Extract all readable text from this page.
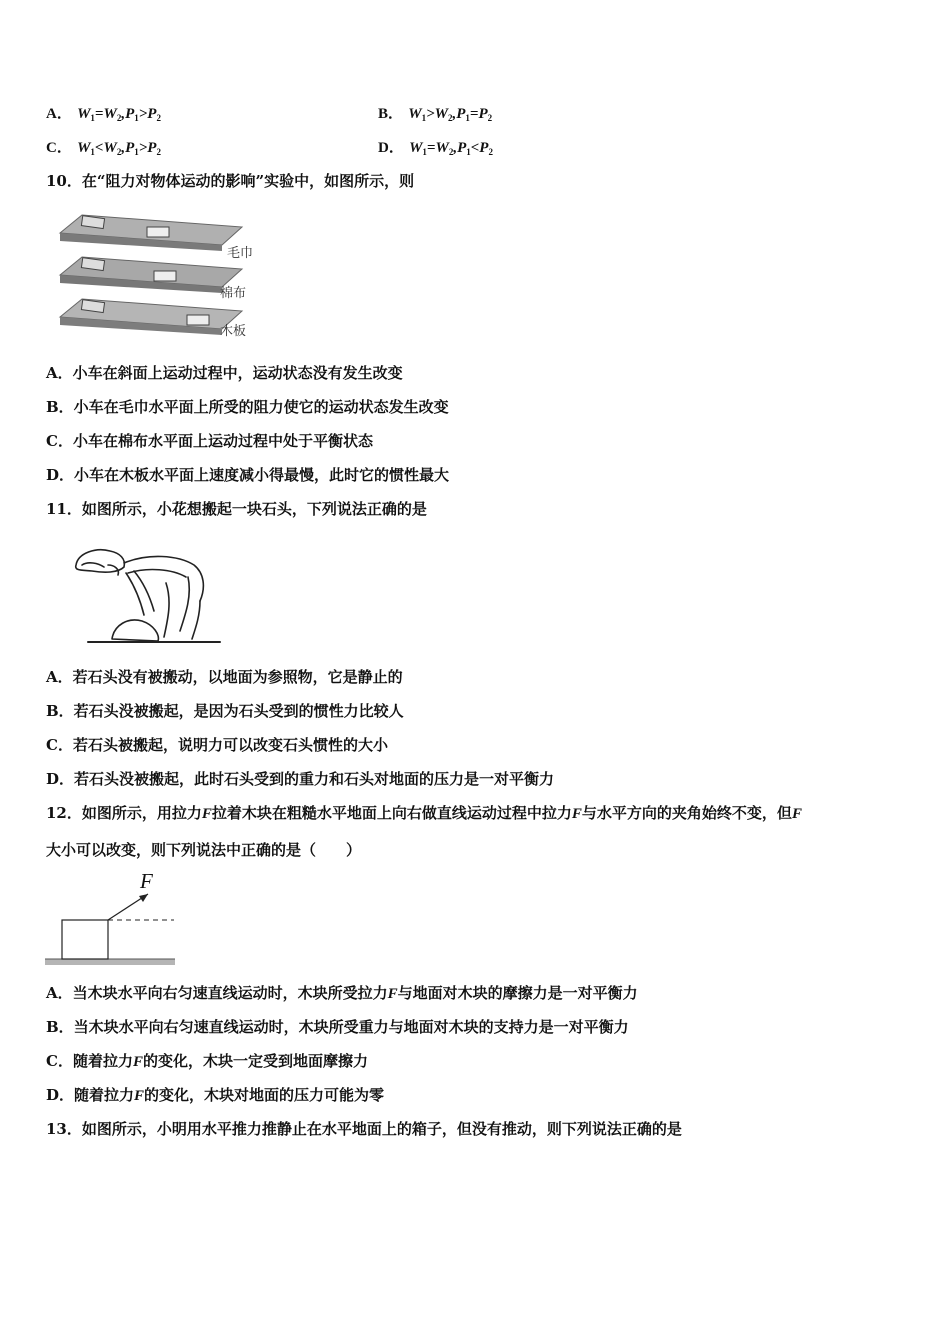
A． $W_1=W_2,P_1>P_2$	B． $W_1>W_2,P_1=P_2$
C． $W_1<W_2,P_1>P_2$	D． $W_1=W_2,P_1<P_2$
10．在“阻力对物体运动的影响”实验中，如图所示，则
毛巾
棉布
木板
A．小车在斜面上运动过程中，运动状态没有发生改变
B．小车在毛巾水平面上所受的阻力使它的运动状态发生改变
C．小车在棉布水平面上运动过程中处于平衡状态
D．小车在木板水平面上速度减小得最慢，此时它的惯性最大
11．如图所示，小花想搬起一块石头，下列说法正确的是
A．若石头没有被搬动，以地面为参照物，它是静止的
B．若石头没被搬起，是因为石头受到的惯性力比较人
C．若石头被搬起，说明力可以改变石头惯性的大小
D．若石头没被搬起，此时石头受到的重力和石头对地面的压力是一对平衡力
12．如图所示，用拉力F拉着木块在粗糙水平地面上向右做直线运动过程中拉力F与水平方向的夹角始终不变，但F
大小可以改变，则下列说法中正确的是（　　）
F
A．当木块水平向右匀速直线运动时，木块所受拉力F与地面对木块的摩擦力是一对平衡力
B．当木块水平向右匀速直线运动时，木块所受重力与地面对木块的支持力是一对平衡力
C．随着拉力F的变化，木块一定受到地面摩擦力
D．随着拉力F的变化，木块对地面的压力可能为零
13．如图所示，小明用水平推力推静止在水平地面上的箱子，但没有推动，则下列说法正确的是
